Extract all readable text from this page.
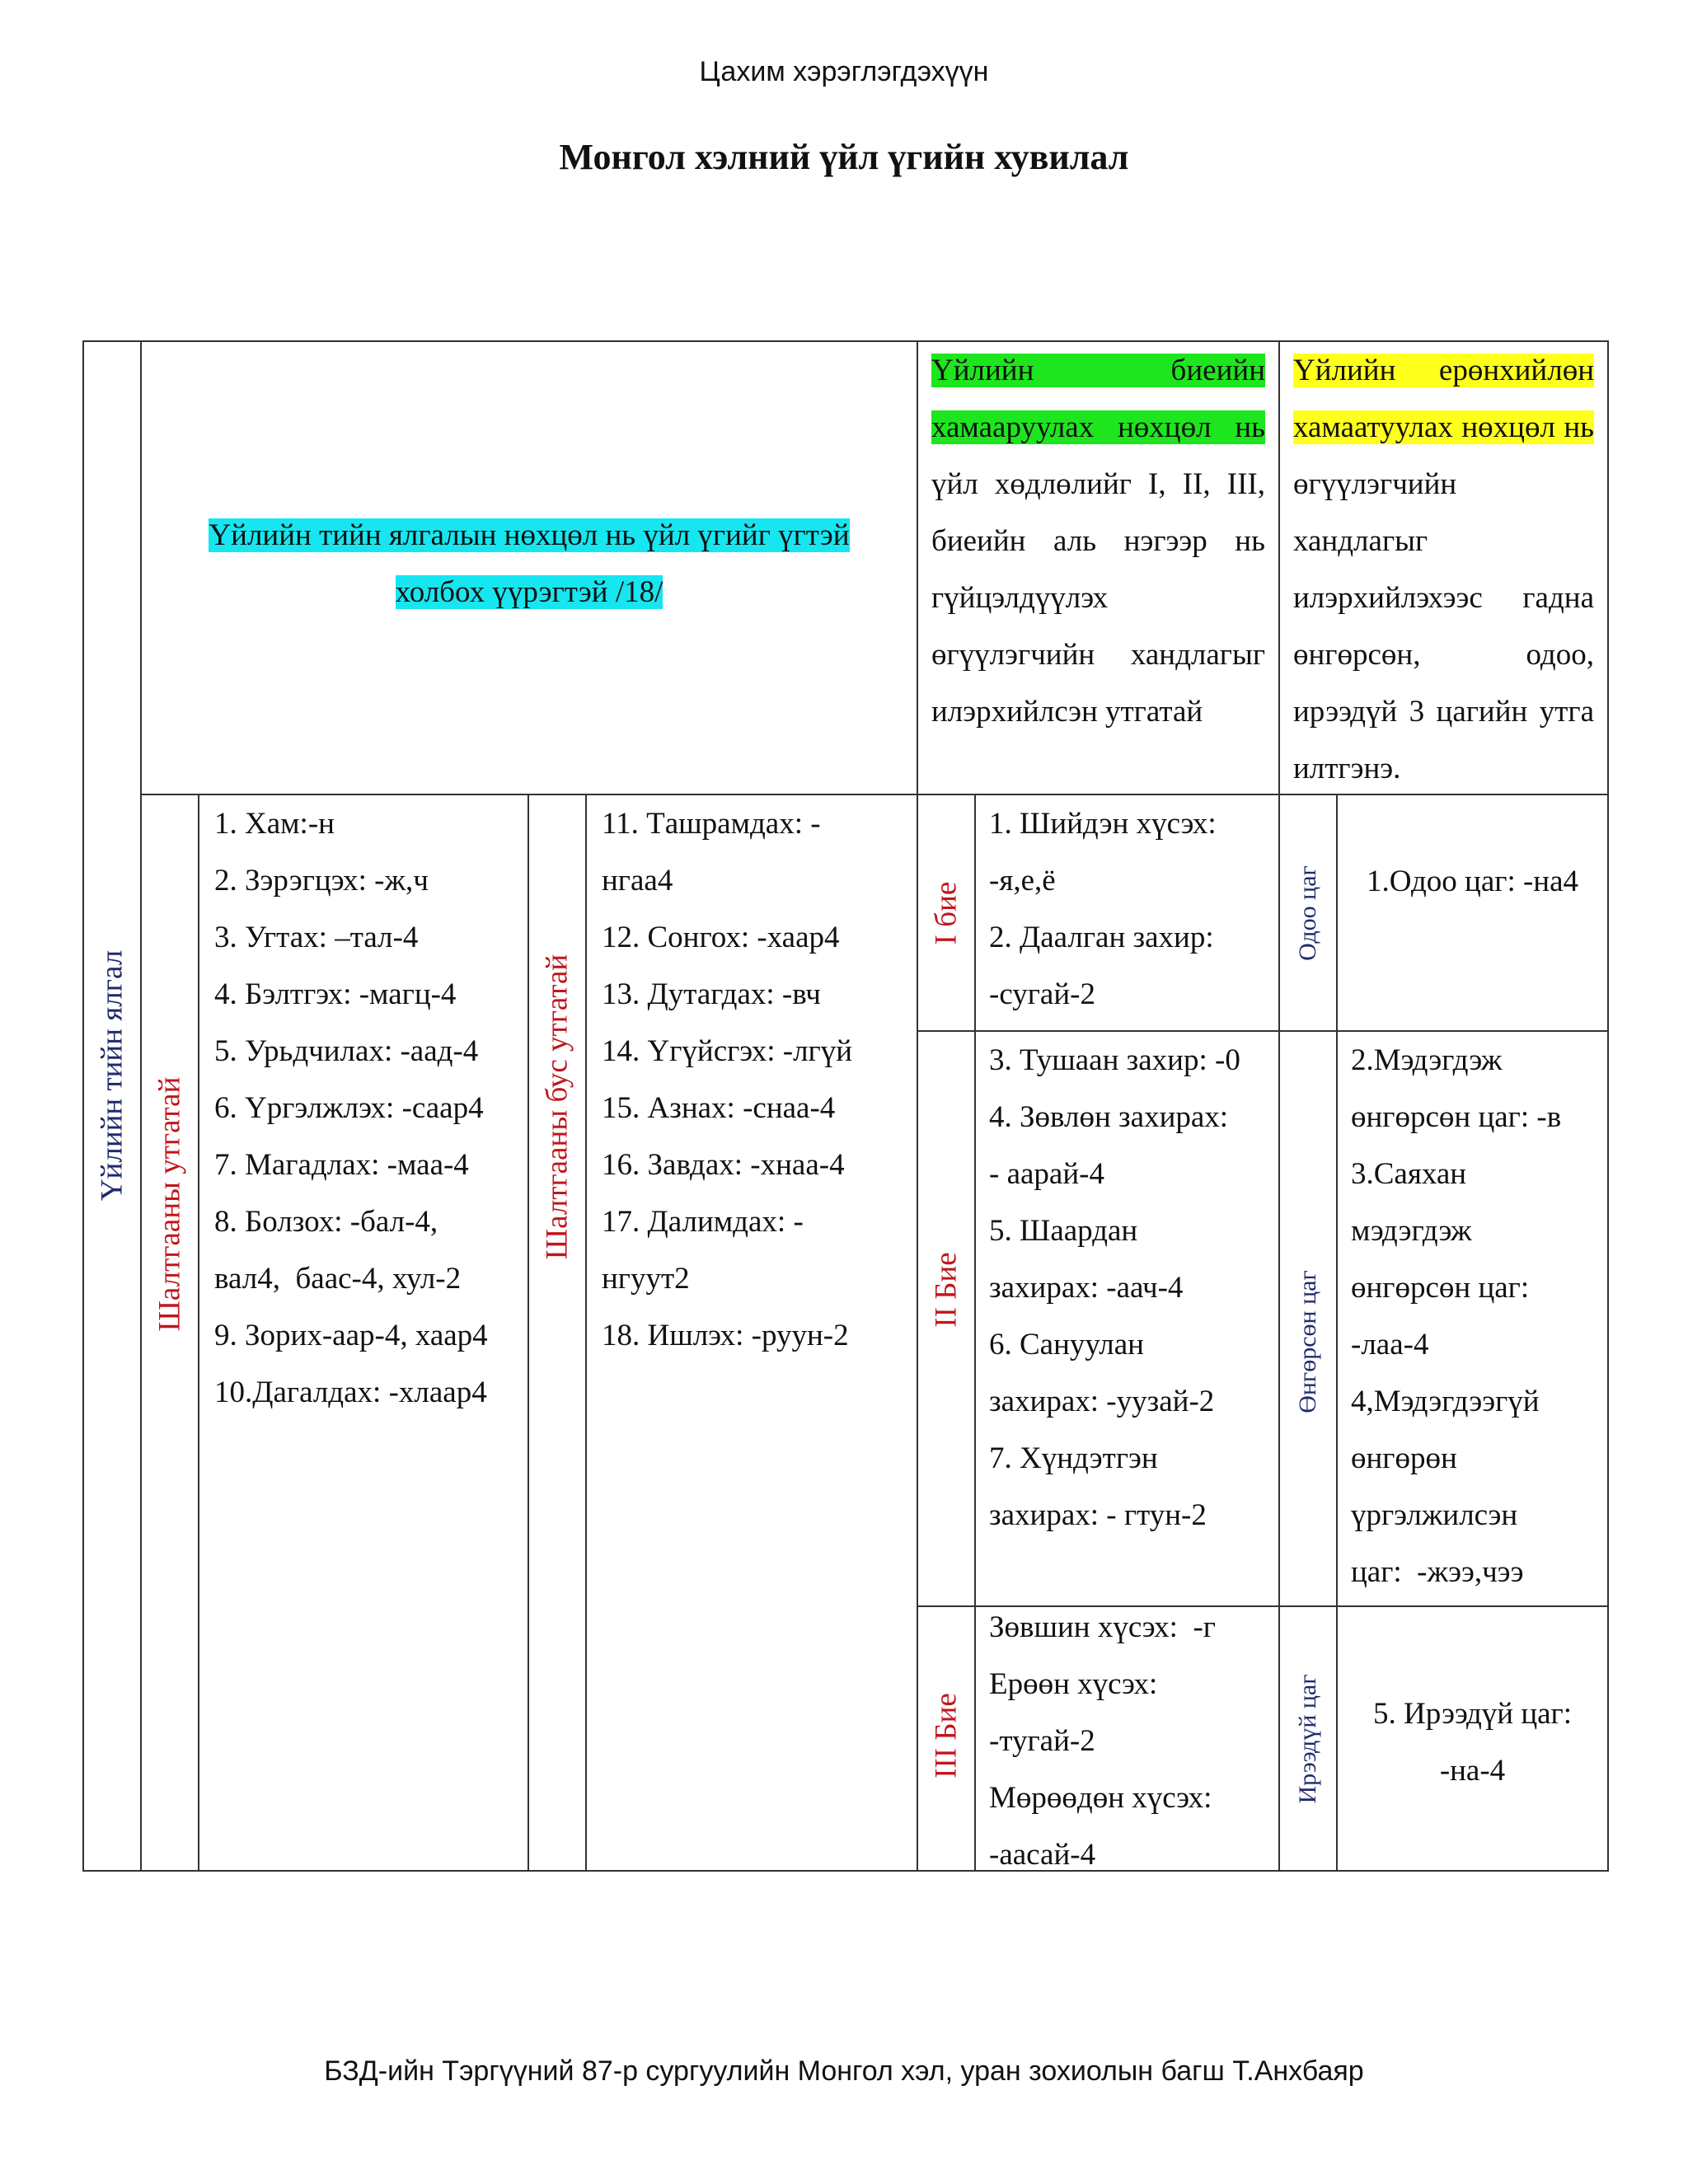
Цахим хэрэглэгдэхүүн
Монгол хэлний үйл үгийн хувилал
Үйлийн тийн ялгал
Үйлийн тийн ялгалын нөхцөл нь үйл үгийг үгтэй холбох үүрэгтэй /18/
Үйлийн биеийн хамааруулах нөхцөл нь үйл хөдлөлийг I, II, III, биеийн аль нэгээр нь гүйцэлдүүлэх өгүүлэгчийн хандлагыг илэрхийлсэн утгатай
Үйлийн ерөнхийлөн хамаатуулах нөхцөл нь өгүүлэгчийн хандлагыг илэрхийлэхээс гадна өнгөрсөн, одоо, ирээдүй 3 цагийн утга илтгэнэ.
Шалтгааны утгатай
1. Хам:-н
2. Зэрэгцэх: -ж,ч
3. Угтах: –тал-4
4. Бэлтгэх: -магц-4
5. Урьдчилах: -аад-4
6. Үргэлжлэх: -саар4
7. Магадлах: -маа-4
8. Болзох: -бал-4,
вал4,  баас-4, хул-2
9. Зорих-аар-4, хаар4
10.Дагалдах: -хлаар4
Шалтгааны бус утгатай
11. Тaшрамдах: -
нгаа4
12. Сонгох: -хаар4
13. Дутагдах: -вч
14. Үгүйсгэх: -лгүй
15. Азнах: -снаа-4
16. Завдах: -хнаа-4
17. Далимдах: -
нгуут2
18. Ишлэх: -руун-2
I бие
1. Шийдэн хүсэх:
-я,е,ё
2. Даалган захир:
-сугай-2
II Бие
3. Тушаан захир: -0
4. Зөвлөн захирах:
- аарай-4
5. Шаардан
захирах: -аач-4
6. Сануулан
захирах: -уузай-2
7. Хүндэтгэн
захирах: - гтун-2
III Бие
Зөвшин хүсэх:  -г
Ерөөн хүсэх:
-тугай-2
Мөрөөдөн хүсэх:
-аасай-4
Одоо цаг	1.Одоо цаг: -на4
Өнгөрсөн цаг
2.Мэдэгдэж
өнгөрсөн цаг: -в
3.Саяхан
мэдэгдэж
өнгөрсөн цаг:
-лаа-4
4,Мэдэгдээгүй
өнгөрөн
үргэлжилсэн
цаг:  -жээ,чээ
Ирээдүй цаг	5. Ирээдүй цаг:
-на-4
БЗД-ийн Тэргүүний 87-р сургуулийн Монгол хэл, уран зохиолын багш Т.Анхбаяр
